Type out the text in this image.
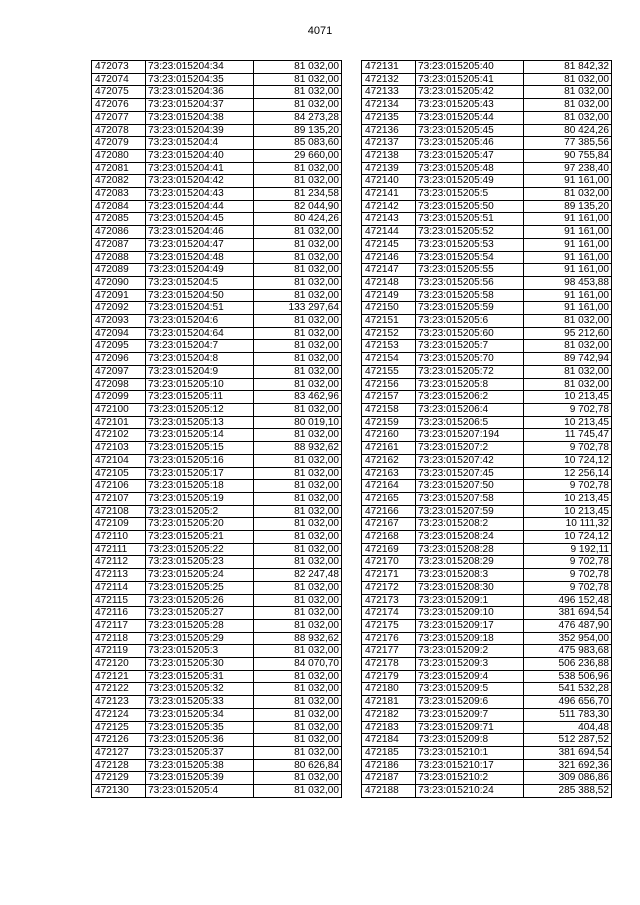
4071
472073	73:23:015204:34	81 032,00
472074	73:23:015204:35	81 032,00
472075	73:23:015204:36	81 032,00
472076	73:23:015204:37	81 032,00
472077	73:23:015204:38	84 273,28
472078	73:23:015204:39	89 135,20
472079	73:23:015204:4	85 083,60
472080	73:23:015204:40	29 660,00
472081	73:23:015204:41	81 032,00
472082	73:23:015204:42	81 032,00
472083	73:23:015204:43	81 234,58
472084	73:23:015204:44	82 044,90
472085	73:23:015204:45	80 424,26
472086	73:23:015204:46	81 032,00
472087	73:23:015204:47	81 032,00
472088	73:23:015204:48	81 032,00
472089	73:23:015204:49	81 032,00
472090	73:23:015204:5	81 032,00
472091	73:23:015204:50	81 032,00
472092	73:23:015204:51	133 297,64
472093	73:23:015204:6	81 032,00
472094	73:23:015204:64	81 032,00
472095	73:23:015204:7	81 032,00
472096	73:23:015204:8	81 032,00
472097	73:23:015204:9	81 032,00
472098	73:23:015205:10	81 032,00
472099	73:23:015205:11	83 462,96
472100	73:23:015205:12	81 032,00
472101	73:23:015205:13	80 019,10
472102	73:23:015205:14	81 032,00
472103	73:23:015205:15	88 932,62
472104	73:23:015205:16	81 032,00
472105	73:23:015205:17	81 032,00
472106	73:23:015205:18	81 032,00
472107	73:23:015205:19	81 032,00
472108	73:23:015205:2	81 032,00
472109	73:23:015205:20	81 032,00
472110	73:23:015205:21	81 032,00
472111	73:23:015205:22	81 032,00
472112	73:23:015205:23	81 032,00
472113	73:23:015205:24	82 247,48
472114	73:23:015205:25	81 032,00
472115	73:23:015205:26	81 032,00
472116	73:23:015205:27	81 032,00
472117	73:23:015205:28	81 032,00
472118	73:23:015205:29	88 932,62
472119	73:23:015205:3	81 032,00
472120	73:23:015205:30	84 070,70
472121	73:23:015205:31	81 032,00
472122	73:23:015205:32	81 032,00
472123	73:23:015205:33	81 032,00
472124	73:23:015205:34	81 032,00
472125	73:23:015205:35	81 032,00
472126	73:23:015205:36	81 032,00
472127	73:23:015205:37	81 032,00
472128	73:23:015205:38	80 626,84
472129	73:23:015205:39	81 032,00
472130	73:23:015205:4	81 032,00
472131	73:23:015205:40	81 842,32
472132	73:23:015205:41	81 032,00
472133	73:23:015205:42	81 032,00
472134	73:23:015205:43	81 032,00
472135	73:23:015205:44	81 032,00
472136	73:23:015205:45	80 424,26
472137	73:23:015205:46	77 385,56
472138	73:23:015205:47	90 755,84
472139	73:23:015205:48	97 238,40
472140	73:23:015205:49	91 161,00
472141	73:23:015205:5	81 032,00
472142	73:23:015205:50	89 135,20
472143	73:23:015205:51	91 161,00
472144	73:23:015205:52	91 161,00
472145	73:23:015205:53	91 161,00
472146	73:23:015205:54	91 161,00
472147	73:23:015205:55	91 161,00
472148	73:23:015205:56	98 453,88
472149	73:23:015205:58	91 161,00
472150	73:23:015205:59	91 161,00
472151	73:23:015205:6	81 032,00
472152	73:23:015205:60	95 212,60
472153	73:23:015205:7	81 032,00
472154	73:23:015205:70	89 742,94
472155	73:23:015205:72	81 032,00
472156	73:23:015205:8	81 032,00
472157	73:23:015206:2	10 213,45
472158	73:23:015206:4	9 702,78
472159	73:23:015206:5	10 213,45
472160	73:23:015207:194	11 745,47
472161	73:23:015207:2	9 702,78
472162	73:23:015207:42	10 724,12
472163	73:23:015207:45	12 256,14
472164	73:23:015207:50	9 702,78
472165	73:23:015207:58	10 213,45
472166	73:23:015207:59	10 213,45
472167	73:23:015208:2	10 111,32
472168	73:23:015208:24	10 724,12
472169	73:23:015208:28	9 192,11
472170	73:23:015208:29	9 702,78
472171	73:23:015208:3	9 702,78
472172	73:23:015208:30	9 702,78
472173	73:23:015209:1	496 152,48
472174	73:23:015209:10	381 694,54
472175	73:23:015209:17	476 487,90
472176	73:23:015209:18	352 954,00
472177	73:23:015209:2	475 983,68
472178	73:23:015209:3	506 236,88
472179	73:23:015209:4	538 506,96
472180	73:23:015209:5	541 532,28
472181	73:23:015209:6	496 656,70
472182	73:23:015209:7	511 783,30
472183	73:23:015209:71	404,48
472184	73:23:015209:8	512 287,52
472185	73:23:015210:1	381 694,54
472186	73:23:015210:17	321 692,36
472187	73:23:015210:2	309 086,86
472188	73:23:015210:24	285 388,52
